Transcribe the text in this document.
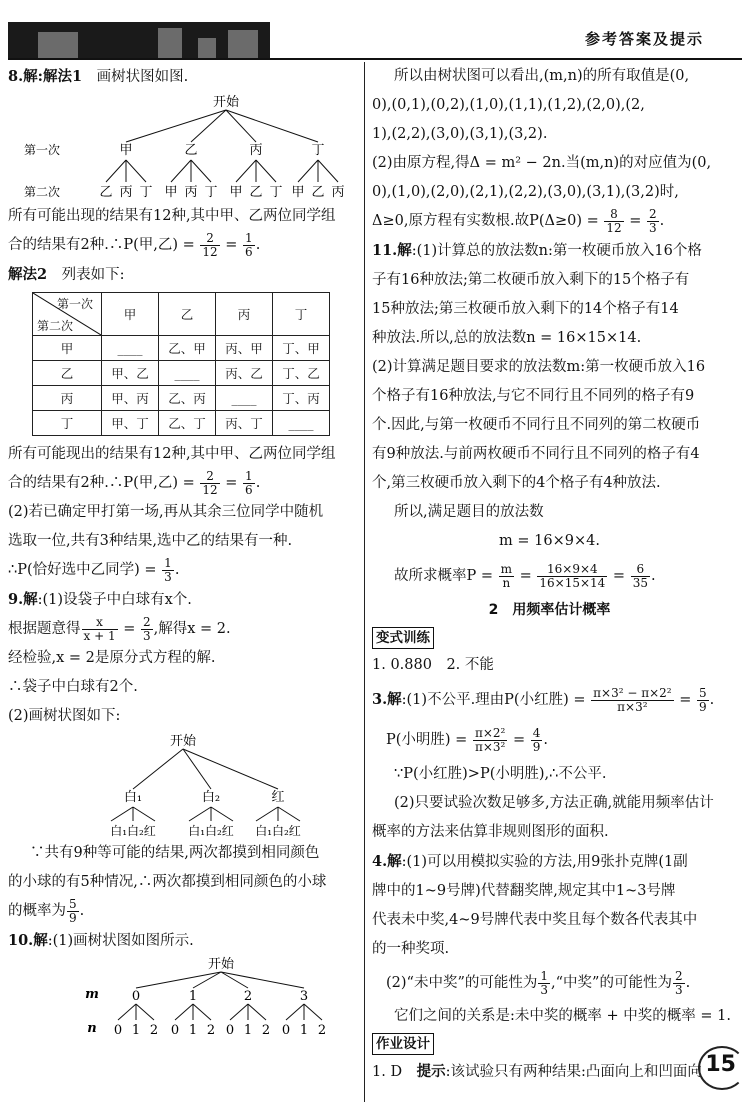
参考答案及提示

8.解:解法1　画树状图如图.

开始
第一次
第二次
甲
乙 丙 丁
乙
甲 丙 丁
丙
甲 乙 丁
丁
甲 乙 丙

所有可能出现的结果有12种,其中甲、乙两位同学组

合的结果有2种.∴P(甲,乙) = $\frac{2}{12} = \frac{1}{6}$ .

解法2　列表如下:

第一次
第二次	甲	乙	丙	丁
甲	____	乙、甲	丙、甲	丁、甲
乙	甲、乙	____	丙、乙	丁、乙
丙	甲、丙	乙、丙	____	丁、丙
丁	甲、丁	乙、丁	丙、丁	____

所有可能现出的结果有12种,其中甲、乙两位同学组

合的结果有2种.∴P(甲,乙) = $\frac{2}{12} = \frac{1}{6}$ .

(2)若已确定甲打第一场,再从其余三位同学中随机

选取一位,共有3种结果,选中乙的结果有一种.

∴P(恰好选中乙同学) = $\frac{1}{3}$ .

9.解:(1)设袋子中白球有x个.

根据题意得 $\frac{x}{x + 1} = \frac{2}{3}$ ,解得x = 2.

经检验,x = 2是原分式方程的解.

∴袋子中白球有2个.

(2)画树状图如下:

开始
白₁
白₁白₂红
白₂
白₁白₂红
红
白₁白₂红

∵共有9种等可能的结果,两次都摸到相同颜色

的小球的有5种情况,∴两次都摸到相同颜色的小球

的概率为 $\frac{5}{9}$ .

10.解:(1)画树状图如图所示.

开始
m
n
0
0 1 2
1
0 1 2
2
0 1 2
3
0 1 2

所以由树状图可以看出,(m,n)的所有取值是(0,

0),(0,1),(0,2),(1,0),(1,1),(1,2),(2,0),(2,

1),(2,2),(3,0),(3,1),(3,2).

(2)由原方程,得Δ = m² − 2n.当(m,n)的对应值为(0,

0),(1,0),(2,0),(2,1),(2,2),(3,0),(3,1),(3,2)时,

Δ≥0,原方程有实数根.故$P(\Delta\ge 0) = \frac{8}{12} = \frac{2}{3}$ .

11.解:(1)计算总的放法数n:第一枚硬币放入16个格

子有16种放法;第二枚硬币放入剩下的15个格子有

15种放法;第三枚硬币放入剩下的14个格子有14

种放法.所以,总的放法数n = 16×15×14.

(2)计算满足题目要求的放法数m:第一枚硬币放入16

个格子有16种放法,与它不同行且不同列的格子有9

个.因此,与第一枚硬币不同行且不同列的第二枚硬币

有9种放法.与前两枚硬币不同行且不同列的格子有4

个,第三枚硬币放入剩下的4个格子有4种放法.

所以,满足题目的放法数

m = 16×9×4.

故所求概率$P = \frac{m}{n} = \frac{16\times 9\times 4}{16\times 15\times 14} = \frac{6}{35}$ .

2　用频率估计概率

变式训练

1. 0.880　2. 不能

3.解:(1)不公平.理由P(小红胜) = $\frac{\text{π×3² − π×2²}}{\text{π×3²}} = \frac{5}{9}$ .

P(小明胜) = $\frac{\text{π×2²}}{\text{π×3²}} = \frac{4}{9}$ .

∵P(小红胜)>P(小明胜),∴不公平.

(2)只要试验次数足够多,方法正确,就能用频率估计

概率的方法来估算非规则图形的面积.

4.解:(1)可以用模拟实验的方法,用9张扑克牌(1副

牌中的1~9号牌)代替翻奖牌,规定其中1~3号牌

代表未中奖,4~9号牌代表中奖且每个数各代表其中

的一种奖项.

(2)“未中奖”的可能性为 $\frac{1}{3}$ ,“中奖”的可能性为 $\frac{2}{3}$ .

它们之间的关系是:未中奖的概率 + 中奖的概率 = 1.

作业设计

1. D　提示:该试验只有两种结果:凸面向上和凹面向 15
